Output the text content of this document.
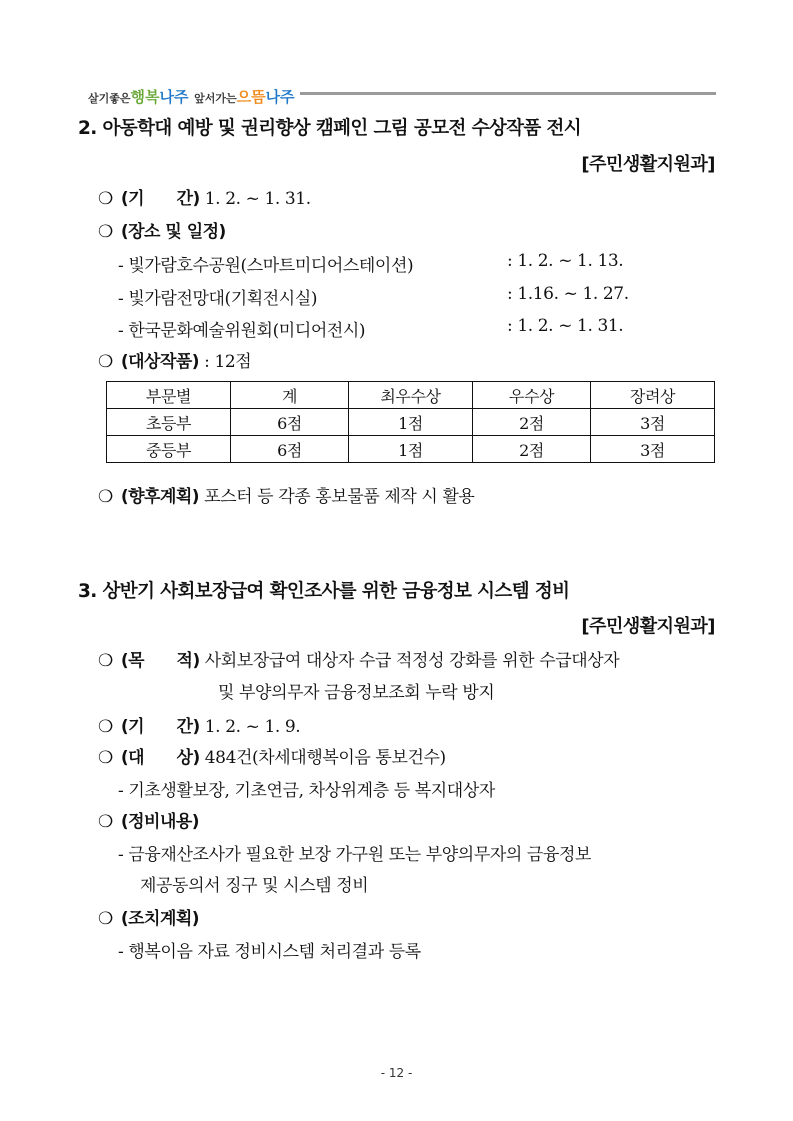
살기좋은행복나주 앞서가는으뜸나주
2. 아동학대 예방 및 권리향상 캠페인 그림 공모전 수상작품 전시
[주민생활지원과]
❍ (기      간) 1. 2. ~ 1. 31.
❍ (장소 및 일정)
- 빛가람호수공원(스마트미디어스테이션)	: 1. 2. ~ 1. 13.
- 빛가람전망대(기획전시실)	: 1.16. ~ 1. 27.
- 한국문화예술위원회(미디어전시)	: 1. 2. ~ 1. 31.
❍ (대상작품) : 12점
부문별	계	최우수상	우수상	장려상
초등부	6점	1점	2점	3점
중등부	6점	1점	2점	3점
❍ (향후계획) 포스터 등 각종 홍보물품 제작 시 활용
3. 상반기 사회보장급여 확인조사를 위한 금융정보 시스템 정비
[주민생활지원과]
❍ (목      적) 사회보장급여 대상자 수급 적정성 강화를 위한 수급대상자
및 부양의무자 금융정보조회 누락 방지
❍ (기      간) 1. 2. ~ 1. 9.
❍ (대      상) 484건(차세대행복이음 통보건수)
- 기초생활보장, 기초연금, 차상위계층 등 복지대상자
❍ (정비내용)
- 금융재산조사가 필요한 보장 가구원 또는 부양의무자의 금융정보
제공동의서 징구 및 시스템 정비
❍ (조치계획)
- 행복이음 자료 정비시스템 처리결과 등록
- 12 -
